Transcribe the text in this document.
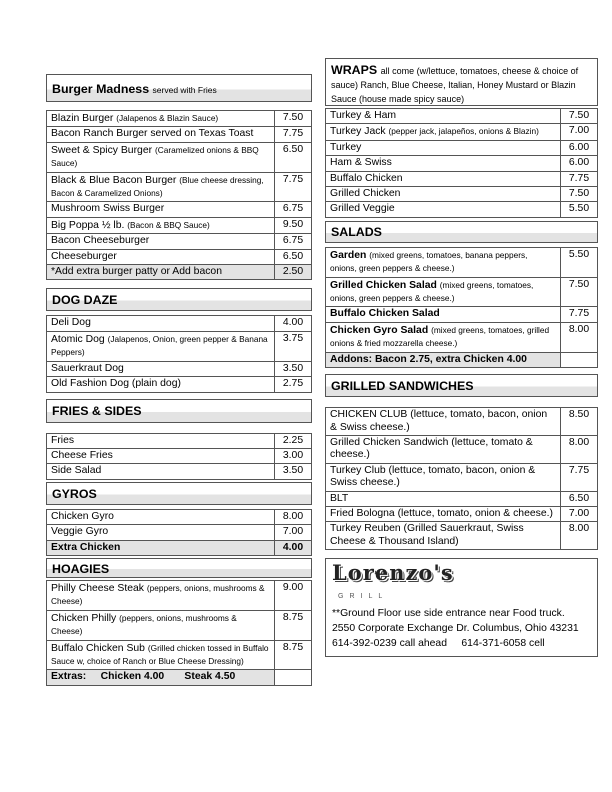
Burger Madness served with Fries
Blazin Burger (Jalapenos & Blazin Sauce)	7.50
Bacon Ranch Burger served on Texas Toast	7.75
Sweet & Spicy Burger (Caramelized onions & BBQ Sauce)	6.50
Black & Blue Bacon Burger (Blue cheese dressing, Bacon & Caramelized Onions)	7.75
Mushroom Swiss Burger	6.75
Big Poppa ½ lb. (Bacon & BBQ Sauce)	9.50
Bacon Cheeseburger	6.75
Cheeseburger	6.50
*Add extra burger patty or Add bacon	2.50
DOG DAZE
Deli Dog	4.00
Atomic Dog (Jalapenos, Onion, green pepper & Banana Peppers)	3.75
Sauerkraut Dog	3.50
Old Fashion Dog (plain dog)	2.75
FRIES & SIDES
Fries	2.25
Cheese Fries	3.00
Side Salad	3.50
GYROS
Chicken Gyro	8.00
Veggie Gyro	7.00
Extra Chicken	4.00
HOAGIES
Philly Cheese Steak (peppers, onions, mushrooms & Cheese)	9.00
Chicken Philly (peppers, onions, mushrooms & Cheese)	8.75
Buffalo Chicken Sub (Grilled chicken tossed in Buffalo Sauce w, choice of Ranch or Blue Cheese Dressing)	8.75
Extras: Chicken 4.00 Steak 4.50	
WRAPS all come (w/lettuce, tomatoes, cheese & choice of sauce) Ranch, Blue Cheese, Italian, Honey Mustard or Blazin Sauce (house made spicy sauce)
Turkey & Ham	7.50
Turkey Jack (pepper jack, jalapeños, onions & Blazin)	7.00
Turkey	6.00
Ham & Swiss	6.00
Buffalo Chicken	7.75
Grilled Chicken	7.50
Grilled Veggie	5.50
SALADS
Garden (mixed greens, tomatoes, banana peppers, onions, green peppers & cheese.)	5.50
Grilled Chicken Salad (mixed greens, tomatoes, onions, green peppers & cheese.)	7.50
Buffalo Chicken Salad	7.75
Chicken Gyro Salad (mixed greens, tomatoes, grilled onions & fried mozzarella cheese.)	8.00
Addons: Bacon 2.75, extra Chicken 4.00	
GRILLED SANDWICHES
CHICKEN CLUB (lettuce, tomato, bacon, onion & Swiss cheese.)	8.50
Grilled Chicken Sandwich (lettuce, tomato & cheese.)	8.00
Turkey Club (lettuce, tomato, bacon, onion & Swiss cheese.)	7.75
BLT	6.50
Fried Bologna (lettuce, tomato, onion & cheese.)	7.00
Turkey Reuben (Grilled Sauerkraut, Swiss Cheese & Thousand Island)	8.00
Lorenzo's
GRILL
**Ground Floor use side entrance near Food truck.
2550 Corporate Exchange Dr. Columbus, Ohio 43231
614-392-0239 call ahead 614-371-6058 cell
